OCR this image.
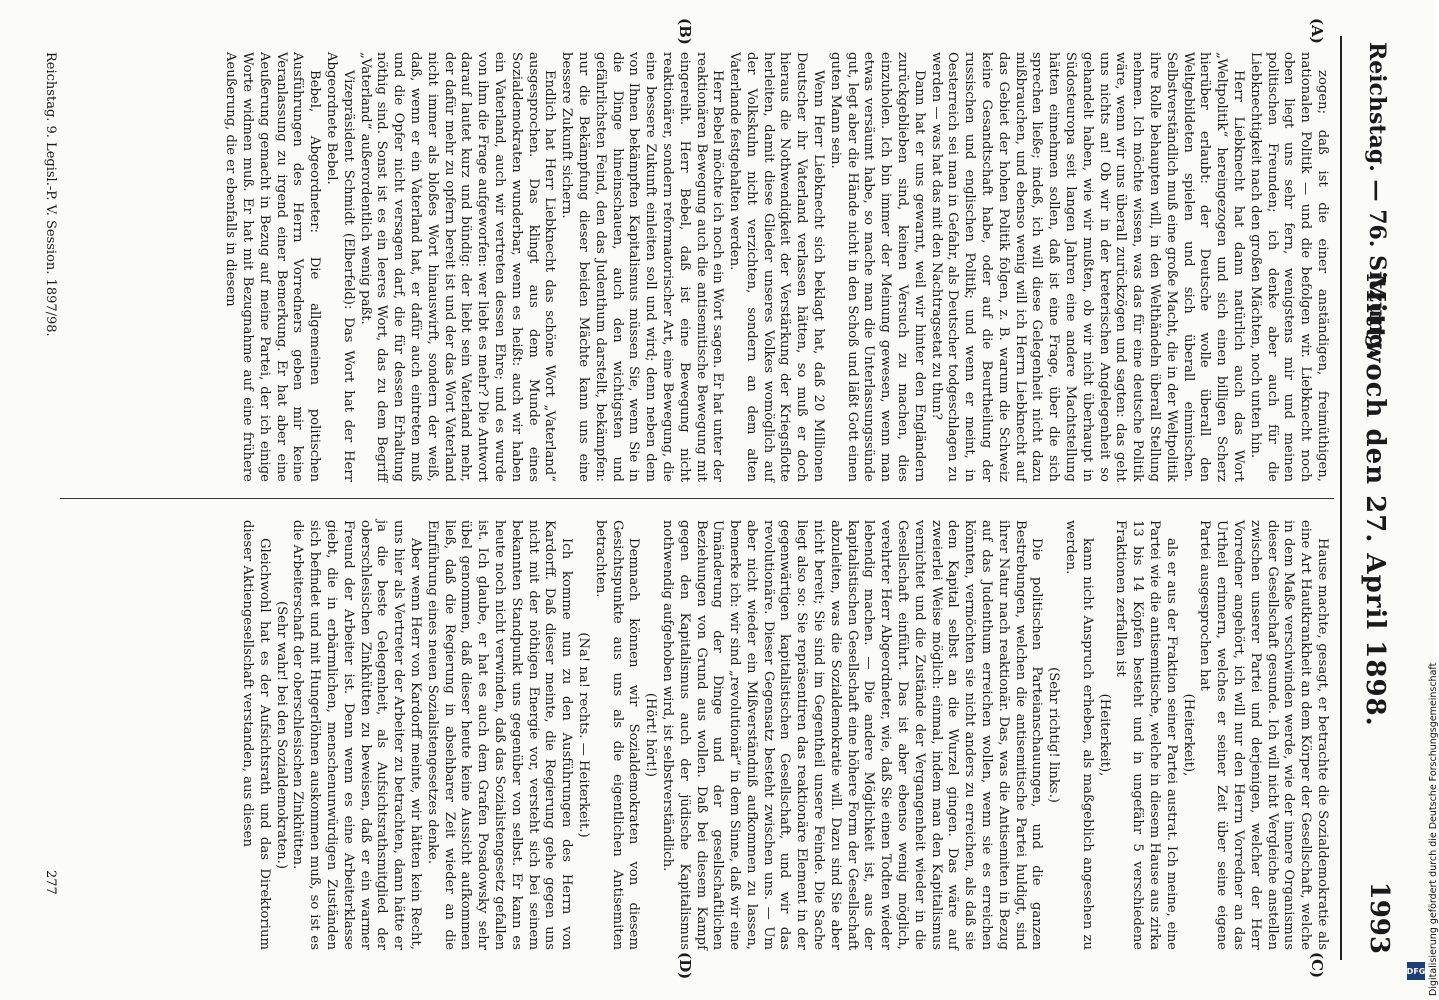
Reichstag. — 76. Sitzung.
Mittwoch den 27. April 1898.
1993
(A)
(B)
(C)
(D)

zogen; daß ist die einer anständigen, freimüthigen, nationalen Politik — und die befolgen wir. Liebknecht noch oben liegt uns sehr fern, wenigstens mir und meinen politischen Freunden; ich denke aber auch für die Liebknechtigkeit nach den großen Mächten, noch unten hin.

Herr Liebknecht hat dann natürlich auch das Wort „Weltpolitik“ hereingezogen und sich einen billigen Scherz hierüber erlaubt: der Deutsche wolle überall den Weltgebildeten spielen und sich überall einmischen. Selbstverständlich muß eine große Macht, die in der Weltpolitik ihre Rolle behaupten will, in den Welthändeln überall Stellung nehmen. Ich möchte wissen, was das für eine deutsche Politik wäre, wenn wir uns überall zurückzögen und sagten: das geht uns nichts an! Ob wir in der kreterischen Angelegenheit so gehandelt haben, wie wir mußten, ob wir nicht überhaupt in Südosteuropa seit langen Jahren eine andere Machtstellung hätten einnehmen sollen, daß ist eine Frage, über die sich sprechen ließe; indeß, ich will diese Gelegenheit nicht dazu mißbrauchen, und ebenso wenig will ich Herrn Liebknecht auf das Gebiet der hohen Politik folgen, z. B. warum die Schweiz keine Gesandtschaft habe, oder auf die Beurtheilung der russischen und englischen Politik; und wenn er meint, in Oesterreich sei man in Gefahr, als Deutscher todgeschlagen zu werden — was hat das mit den Nachtragsetat zu thun?

Dann hat er uns gewarnt, weil wir hinter den Engländern zurückgeblieben sind, keinen Versuch zu machen, dies einzuholen. Ich bin immer der Meinung gewesen, wenn man etwas versäumt habe, so mache man die Unterlassungssünde gut, legt aber die Hände nicht in den Schoß und läßt Gott einen guten Mann sein.

Wenn Herr Liebknecht sich beklagt hat, daß 20 Millionen Deutscher ihr Vaterland verlassen hätten, so muß er doch hieraus die Nothwendigkeit der Verstärkung der Kriegsflotte herleiten, damit diese Glieder unseres Volkes womöglich auf der Volkskuhn nicht verzichten, sondern an dem alten Vaterlande festgehalten werden.

Herr Bebel möchte ich noch ein Wort sagen. Er hat unter der reaktionären Bewegung auch die antisemitische Bewegung mit eingereiht. Herr Bebel, daß ist eine Bewegung nicht reaktionärer, sondern reformatorischer Art, eine Bewegung, die eine bessere Zukunft einleiten soll und wird; denn neben dem von Ihnen bekämpften Kapitalismus müssen Sie, wenn Sie in die Dinge hineinschauen, auch den wichtigsten und gefährlichsten Feind, den das Judenthum darstellt, bekämpfen: nur die Bekämpfung dieser beiden Mächte kann uns eine bessere Zukunft sichern.

Endlich hat Herr Liebknecht das schöne Wort „Vaterland“ ausgesprochen. Das klingt aus dem Munde eines Sozialdemokraten wunderbar, wenn es heißt: auch wir haben ein Vaterland, auch wir vertreten dessen Ehre; und es wurde von ihm die Frage aufgeworfen: wer liebt es mehr? Die Antwort darauf lautet kurz und bündig: der liebt sein Vaterland mehr, der dafür mehr zu opfern bereit ist und der das Wort Vaterland nicht immer als bloßes Wort hinauswirft, sondern der weiß, daß, wenn er ein Vaterland hat, er dafür auch eintreten muß und die Opfer nicht versagen darf, die für dessen Erhaltung nöthig sind. Sonst ist es ein leeres Wort, das zu dem Begriff „Vaterland“ außerordentlich wenig paßt.

Vizepräsident Schmidt (Elberfeld): Das Wort hat der Herr Abgeordnete Bebel.

Bebel, Abgeordneter: Die allgemeinen politischen Ausführungen des Herrn Vorredners geben mir keine Veranlassung zu irgend einer Bemerkung. Er hat aber eine Aeußerung gemacht in Bezug auf meine Partei, der ich einige Worte widmen muß. Er hat mit Bezugnahme auf eine frühere Aeußerung, die er ebenfalls in diesem

Hause machte, gesagt, er betrachte die Sozialdemokratie als eine Art Hautkrankheit an dem Körper der Gesellschaft, welche in dem Maße verschwinden werde, wie der innere Organismus dieser Gesellschaft gesunde. Ich will nicht Vergleiche anstellen zwischen unserer Partei und derjenigen, welcher der Herr Vorredner angehört, ich will nur den Herrn Vorredner an das Urtheil erinnern, welches er seiner Zeit über seine eigene Partei ausgesprochen hat

(Heiterkeit),

als er aus der Fraktion seiner Partei austrat. Ich meine, eine Partei wie die antisemitische, welche in diesem Hause aus zirka 13 bis 14 Köpfen besteht und in ungefähr 5 verschiedene Fraktionen zerfallen ist

(Heiterkeit),

kann nicht Anspruch erheben, als maßgeblich angesehen zu werden.

(Sehr richtig! links.)

Die politischen Parteianschauungen, und die ganzen Bestrebungen, welchen die antisemitische Partei huldigt, sind ihrer Natur nach reaktionär. Das, was die Antisemiten in Bezug auf das Judenthum erreichen wollen, wenn sie es erreichen könnten, vermöchten sie nicht anders zu erreichen, als daß sie dem Kapital selbst an die Wurzel gingen. Das wäre auf zweierlei Weise möglich: einmal, indem man den Kapitalismus vernichtet und die Zustände der Vergangenheit wieder in die Gesellschaft einführt. Das ist aber ebenso wenig möglich, verehrter Herr Abgeordneter, wie, daß Sie einen Todten wieder lebendig machen. — Die andere Möglichkeit ist, aus der kapitalistischen Gesellschaft eine höhere Form der Gesellschaft abzuleiten, was die Sozialdemokratie will. Dazu sind Sie aber nicht bereit; Sie sind im Gegentheil unsere Feinde. Die Sache liegt also so: Sie repräsentiren das reaktionäre Element in der gegenwärtigen kapitalistischen Gesellschaft, und wir das revolutionäre. Dieser Gegensatz besteht zwischen uns. — Um aber nicht wieder ein Mißverständniß aufkommen zu lassen, bemerke ich: wir sind „revolutionär“ in dem Sinne, daß wir eine Umänderung der Dinge und der gesellschaftlichen Beziehungen von Grund aus wollen. Daß bei diesem Kampf gegen den Kapitalismus auch der jüdische Kapitalismus nothwendig aufgehoben wird, ist selbstverständlich.

(Hört! hört!)

Demnach können wir Sozialdemokraten von diesem Gesichtspunkte aus uns als die eigentlichen Antisemiten betrachten.

(Na! na! rechts. — Heiterkeit.)

Ich komme nun zu den Ausführungen des Herrn von Kardorff. Daß dieser meinte, die Regierung gehe gegen uns nicht mit der nöthigen Energie vor, versteht sich bei seinem bekannten Standpunkt uns gegenüber von selbst. Er kann es heute noch nicht verwinden, daß das Sozialistengesetz gefallen ist. Ich glaube, er hat es auch dem Grafen Posadowsky sehr übel genommen, daß dieser heute keine Aussicht aufkommen ließ, daß die Regierung in absehbarer Zeit wieder an die Einführung eines neuen Sozialistengesetzes denke.

Aber wenn Herr von Kardorff meinte, wir hätten kein Recht, uns hier als Vertreter der Arbeiter zu betrachten, dann hätte er ja die beste Gelegenheit, als Aufsichtsrathsmitglied der oberschlesischen Zinkhütten zu beweisen, daß er ein warmer Freund der Arbeiter ist. Denn wenn es eine Arbeiterklasse giebt, die in erbärmlichen, menschenunwürdigen Zuständen sich befindet und mit Hungerlöhnen auskommen muß, so ist es die Arbeiterschaft der oberschlesischen Zinkhütten.

(Sehr wahr! bei den Sozialdemokraten.)

Gleichwohl hat es der Aufsichtsrath und das Direktorium dieser Aktiengesellschaft verstanden, aus diesen

Reichstag. 9. Legisl.-P. V. Session. 1897/98.
277	Digitalisierung gefördert durch die Deutsche Forschungsgemeinschaft
DFG
